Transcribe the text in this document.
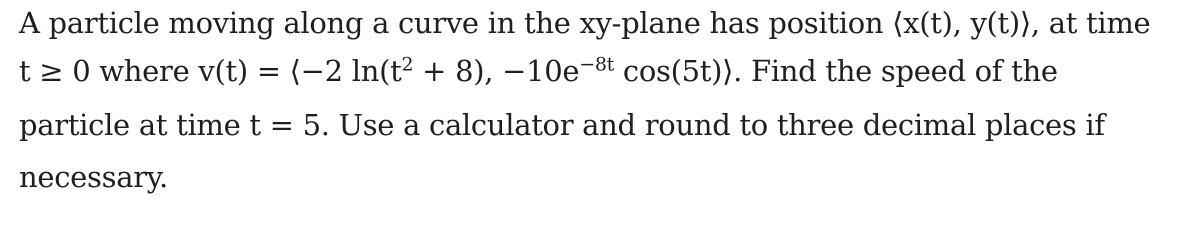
A particle moving along a curve in the xy-plane has position ⟨x(t), y(t)⟩, at time
t ≥ 0 where v(t) = ⟨−2 $\ln(t^2 + 8)$, $-10e^{-8t}$ cos(5t)⟩. Find the speed of the
particle at time t = 5. Use a calculator and round to three decimal places if
necessary.
